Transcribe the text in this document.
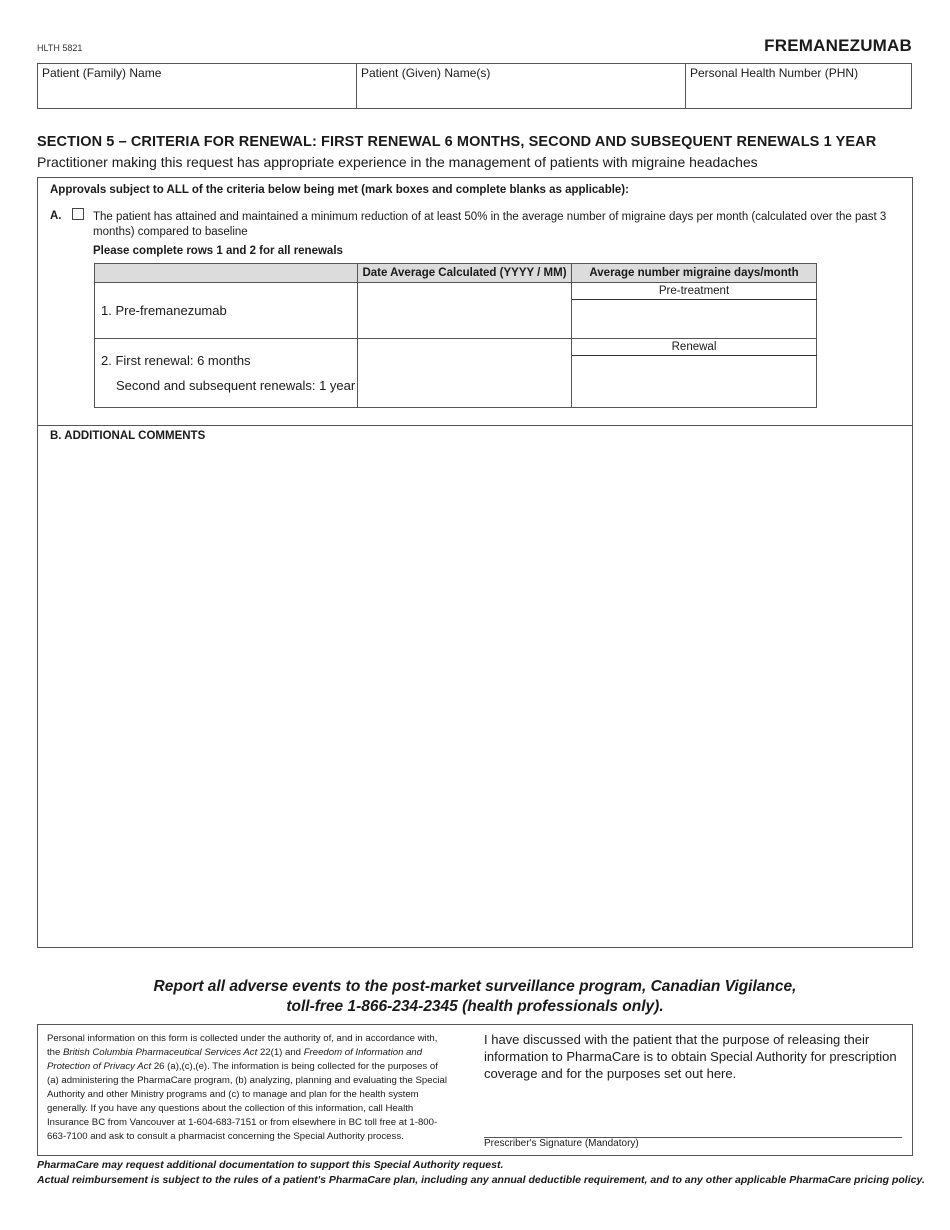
HLTH 5821	FREMANEZUMAB
Patient (Family) Name	Patient (Given) Name(s)	Personal Health Number (PHN)
SECTION 5 – CRITERIA FOR RENEWAL: FIRST RENEWAL 6 MONTHS, SECOND AND SUBSEQUENT RENEWALS 1 YEAR
Practitioner making this request has appropriate experience in the management of patients with migraine headaches
Approvals subject to ALL of the criteria below being met (mark boxes and complete blanks as applicable):
A.	The patient has attained and maintained a minimum reduction of at least 50% in the average number of migraine days per month (calculated over the past 3 months) compared to baseline
Please complete rows 1 and 2 for all renewals
	Date Average Calculated (YYYY / MM)	Average number migraine days/month
1. Pre-fremanezumab		Pre-treatment

2. First renewal: 6 months
Second and subsequent renewals: 1 year		Renewal

B. ADDITIONAL COMMENTS
Report all adverse events to the post-market surveillance program, Canadian Vigilance,
toll-free 1-866-234-2345 (health professionals only).
Personal information on this form is collected under the authority of, and in accordance with, the British Columbia Pharmaceutical Services Act 22(1) and Freedom of Information and Protection of Privacy Act 26 (a),(c),(e). The information is being collected for the purposes of (a) administering the PharmaCare program, (b) analyzing, planning and evaluating the Special Authority and other Ministry programs and (c) to manage and plan for the health system generally. If you have any questions about the collection of this information, call Health Insurance BC from Vancouver at 1-604-683-7151 or from elsewhere in BC toll free at 1-800-663-7100 and ask to consult a pharmacist concerning the Special Authority process.
I have discussed with the patient that the purpose of releasing their information to PharmaCare is to obtain Special Authority for prescription coverage and for the purposes set out here.
Prescriber's Signature (Mandatory)
PharmaCare may request additional documentation to support this Special Authority request.
Actual reimbursement is subject to the rules of a patient's PharmaCare plan, including any annual deductible requirement, and to any other applicable PharmaCare pricing policy.
